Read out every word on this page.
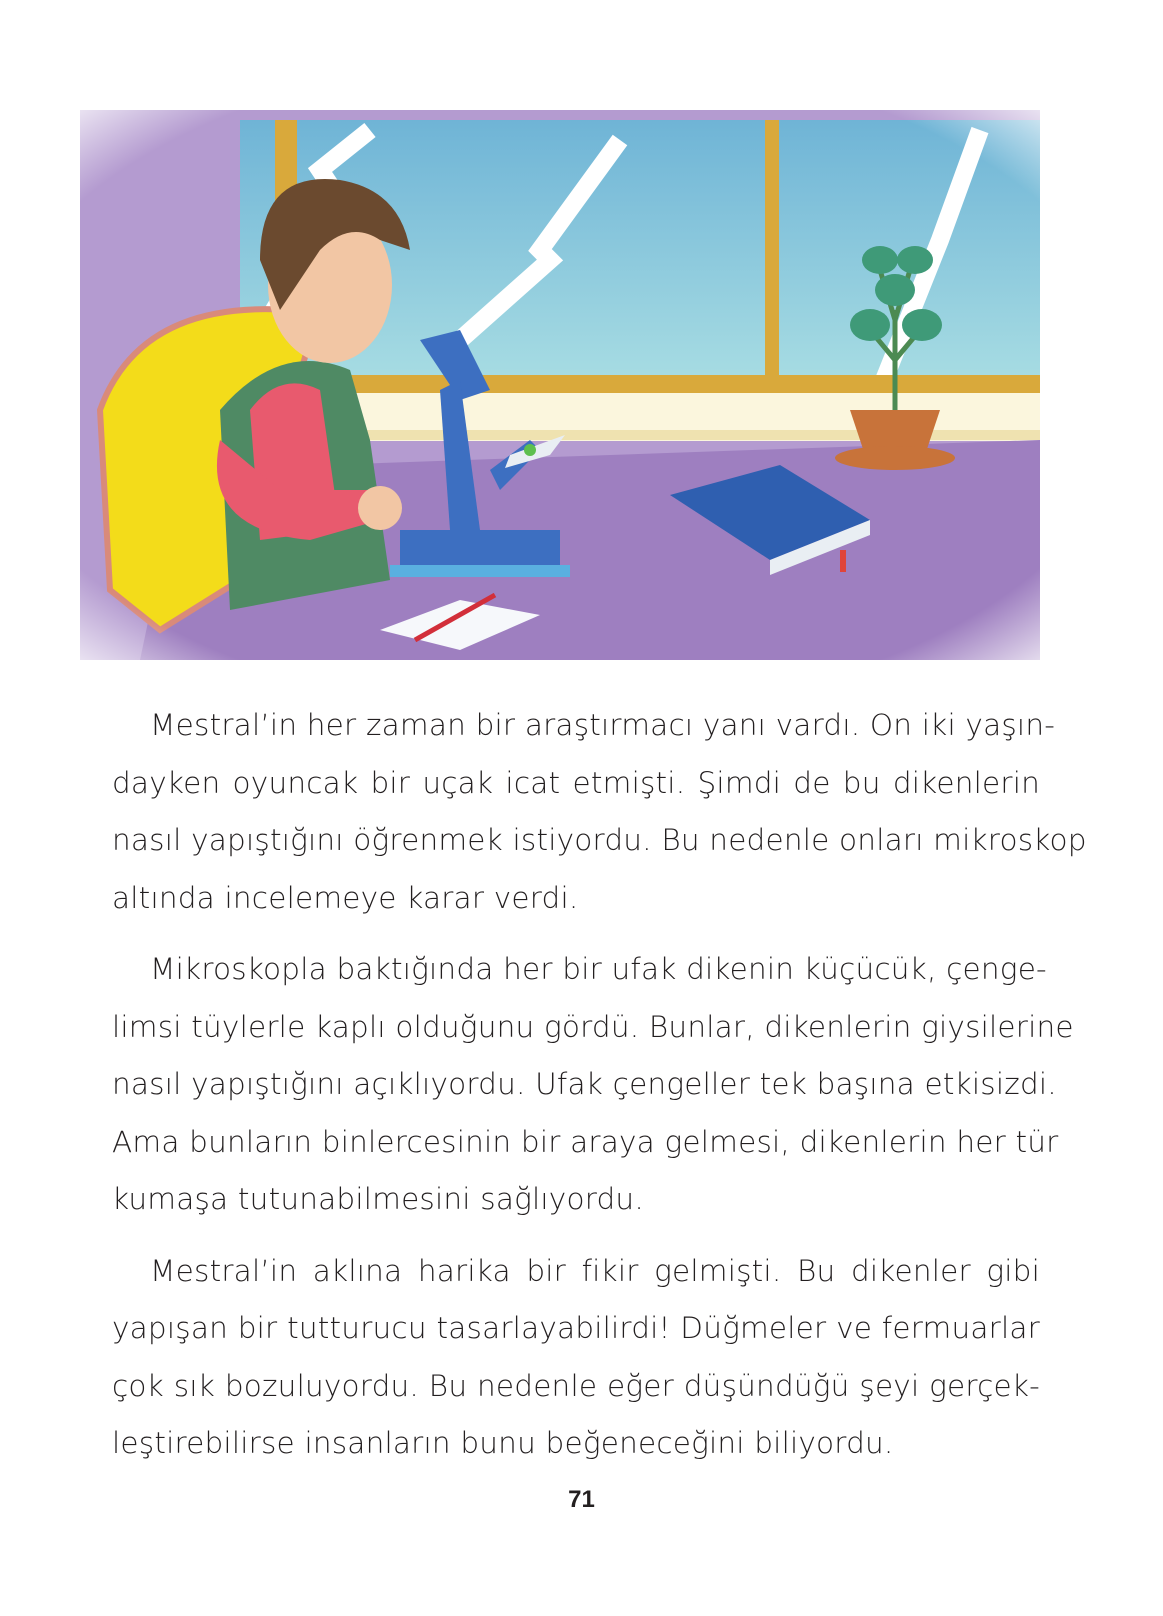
Mestral’in her zaman bir araştırmacı yanı vardı. On iki yaşın-
dayken oyuncak bir uçak icat etmişti. Şimdi de bu dikenlerin
nasıl yapıştığını öğrenmek istiyordu. Bu nedenle onları mikroskop
altında incelemeye karar verdi.

Mikroskopla baktığında her bir ufak dikenin küçücük, çenge-
limsi tüylerle kaplı olduğunu gördü. Bunlar, dikenlerin giysilerine
nasıl yapıştığını açıklıyordu. Ufak çengeller tek başına etkisizdi.
Ama bunların binlercesinin bir araya gelmesi, dikenlerin her tür
kumaşa tutunabilmesini sağlıyordu.

Mestral’in aklına harika bir fikir gelmişti. Bu dikenler gibi
yapışan bir tutturucu tasarlayabilirdi! Düğmeler ve fermuarlar
çok sık bozuluyordu. Bu nedenle eğer düşündüğü şeyi gerçek-
leştirebilirse insanların bunu beğeneceğini biliyordu.

71
